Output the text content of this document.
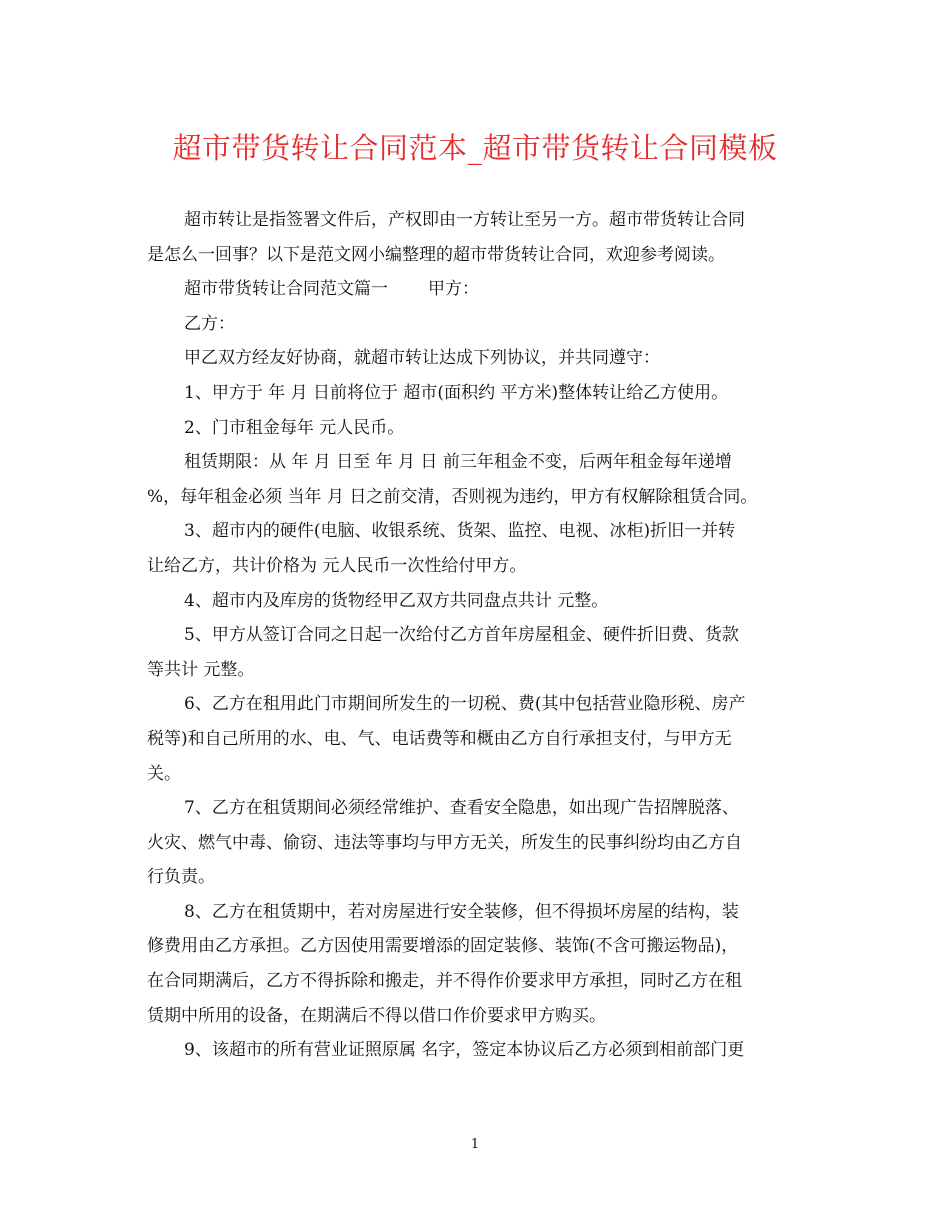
超市带货转让合同范本_超市带货转让合同模板
超市转让是指签署文件后，产权即由一方转让至另一方。超市带货转让合同
是怎么一回事？以下是范文网小编整理的超市带货转让合同，欢迎参考阅读。
超市带货转让合同范文篇一 甲方：
乙方：
甲乙双方经友好协商，就超市转让达成下列协议，并共同遵守：
1、甲方于 年 月 日前将位于 超市(面积约 平方米)整体转让给乙方使用。
2、门市租金每年 元人民币。
租赁期限：从 年 月 日至 年 月 日 前三年租金不变，后两年租金每年递增
%，每年租金必须 当年 月 日之前交清，否则视为违约，甲方有权解除租赁合同。
3、超市内的硬件(电脑、收银系统、货架、监控、电视、冰柜)折旧一并转
让给乙方，共计价格为 元人民币一次性给付甲方。
4、超市内及库房的货物经甲乙双方共同盘点共计 元整。
5、甲方从签订合同之日起一次给付乙方首年房屋租金、硬件折旧费、货款
等共计 元整。
6、乙方在租用此门市期间所发生的一切税、费(其中包括营业隐形税、房产
税等)和自己所用的水、电、气、电话费等和概由乙方自行承担支付，与甲方无
关。
7、乙方在租赁期间必须经常维护、查看安全隐患，如出现广告招牌脱落、
火灾、燃气中毒、偷窃、违法等事均与甲方无关，所发生的民事纠纷均由乙方自
行负责。
8、乙方在租赁期中，若对房屋进行安全装修，但不得损坏房屋的结构，装
修费用由乙方承担。乙方因使用需要增添的固定装修、装饰(不含可搬运物品)，
在合同期满后，乙方不得拆除和搬走，并不得作价要求甲方承担，同时乙方在租
赁期中所用的设备，在期满后不得以借口作价要求甲方购买。
9、该超市的所有营业证照原属 名字，签定本协议后乙方必须到相前部门更
1
